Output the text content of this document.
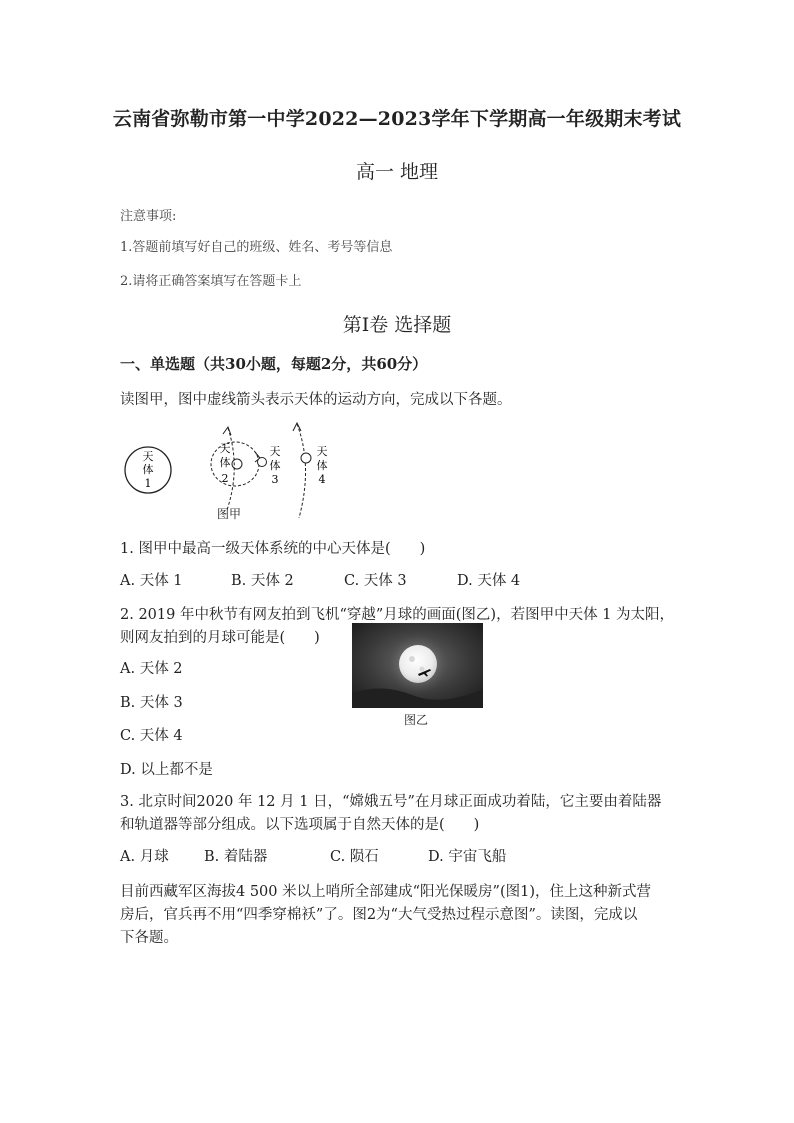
云南省弥勒市第一中学2022—2023学年下学期高一年级期末考试
高一 地理
注意事项:
1.答题前填写好自己的班级、姓名、考号等信息
2.请将正确答案填写在答题卡上
第Ⅰ卷 选择题
一、单选题（共30小题，每题2分，共60分）
读图甲，图中虚线箭头表示天体的运动方向，完成以下各题。
天
体
1
天
体
2
天
体
3
天
体
4
图甲
1. 图甲中最高一级天体系统的中心天体是(　　)
A. 天体 1	B. 天体 2	C. 天体 3	D. 天体 4
2. 2019 年中秋节有网友拍到飞机“穿越”月球的画面(图乙)，若图甲中天体 1 为太阳，
则网友拍到的月球可能是(　　)
图乙
A. 天体 2
B. 天体 3
C. 天体 4
D. 以上都不是
3. 北京时间2020 年 12 月 1 日，“嫦娥五号”在月球正面成功着陆，它主要由着陆器
和轨道器等部分组成。以下选项属于自然天体的是(　　)
A. 月球 B. 着陆器	C. 陨石	D. 宇宙飞船
目前西藏军区海拔4 500 米以上哨所全部建成“阳光保暖房”(图1)，住上这种新式营
房后，官兵再不用“四季穿棉袄”了。图2为“大气受热过程示意图”。读图，完成以
下各题。
